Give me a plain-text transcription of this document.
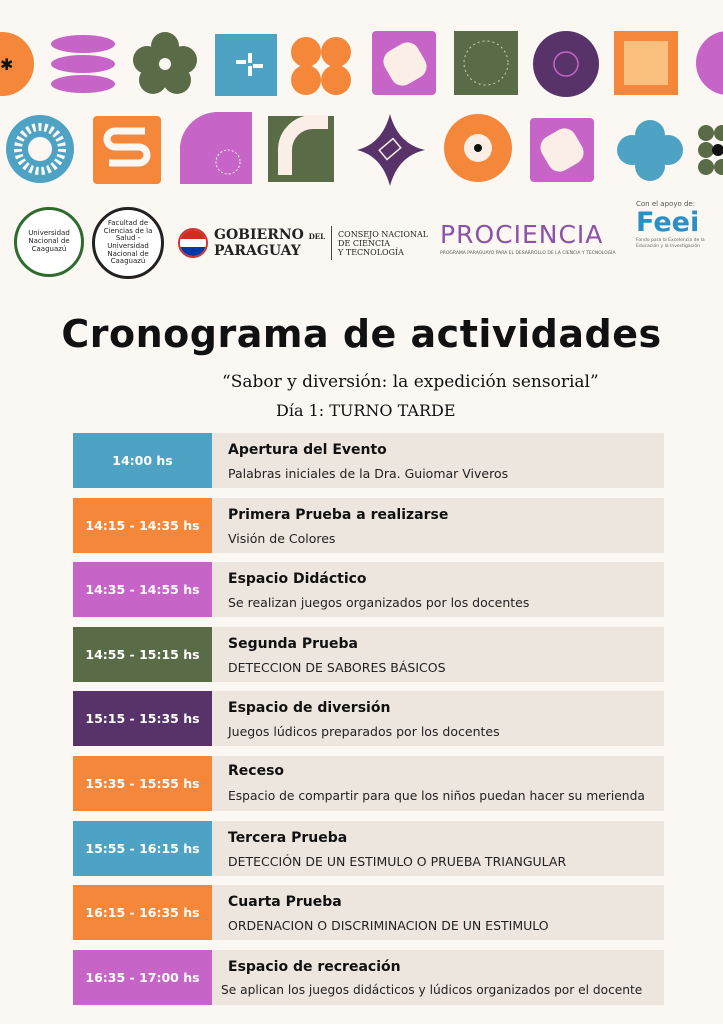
✱
Universidad Nacional de Caaguazú
Facultad de Ciencias de la Salud - Universidad Nacional de Caaguazú
GOBIERNO DEL
PARAGUAY
CONSEJO NACIONAL
DE CIENCIA
Y TECNOLOGÍA
PROCIENCIA
PROGRAMA PARAGUAYO PARA EL DESARROLLO DE LA CIENCIA Y TECNOLOGÍA
Con el apoyo de:
Feei
Fondo para la Excelencia de la Educación y la Investigación
Cronograma de actividades
“Sabor y diversión: la expedición sensorial”
Día 1: TURNO TARDE
14:00 hs
Apertura del Evento
Palabras iniciales de la Dra. Guiomar Viveros
14:15 - 14:35 hs
Primera Prueba a realizarse
Visión de Colores
14:35 - 14:55 hs
Espacio Didáctico
Se realizan juegos organizados por los docentes
14:55 - 15:15 hs
Segunda Prueba
DETECCION DE SABORES BÁSICOS
15:15 - 15:35 hs
Espacio de diversión
Juegos lúdicos preparados por los docentes
15:35 - 15:55 hs
Receso
Espacio de compartir para que los niños puedan hacer su merienda
15:55 - 16:15 hs
Tercera Prueba
DETECCIÓN DE UN ESTIMULO O PRUEBA TRIANGULAR
16:15 - 16:35 hs
Cuarta Prueba
ORDENACION O DISCRIMINACION DE UN ESTIMULO
16:35 - 17:00 hs
Espacio de recreación
Se aplican los juegos didácticos y lúdicos organizados por el docente
